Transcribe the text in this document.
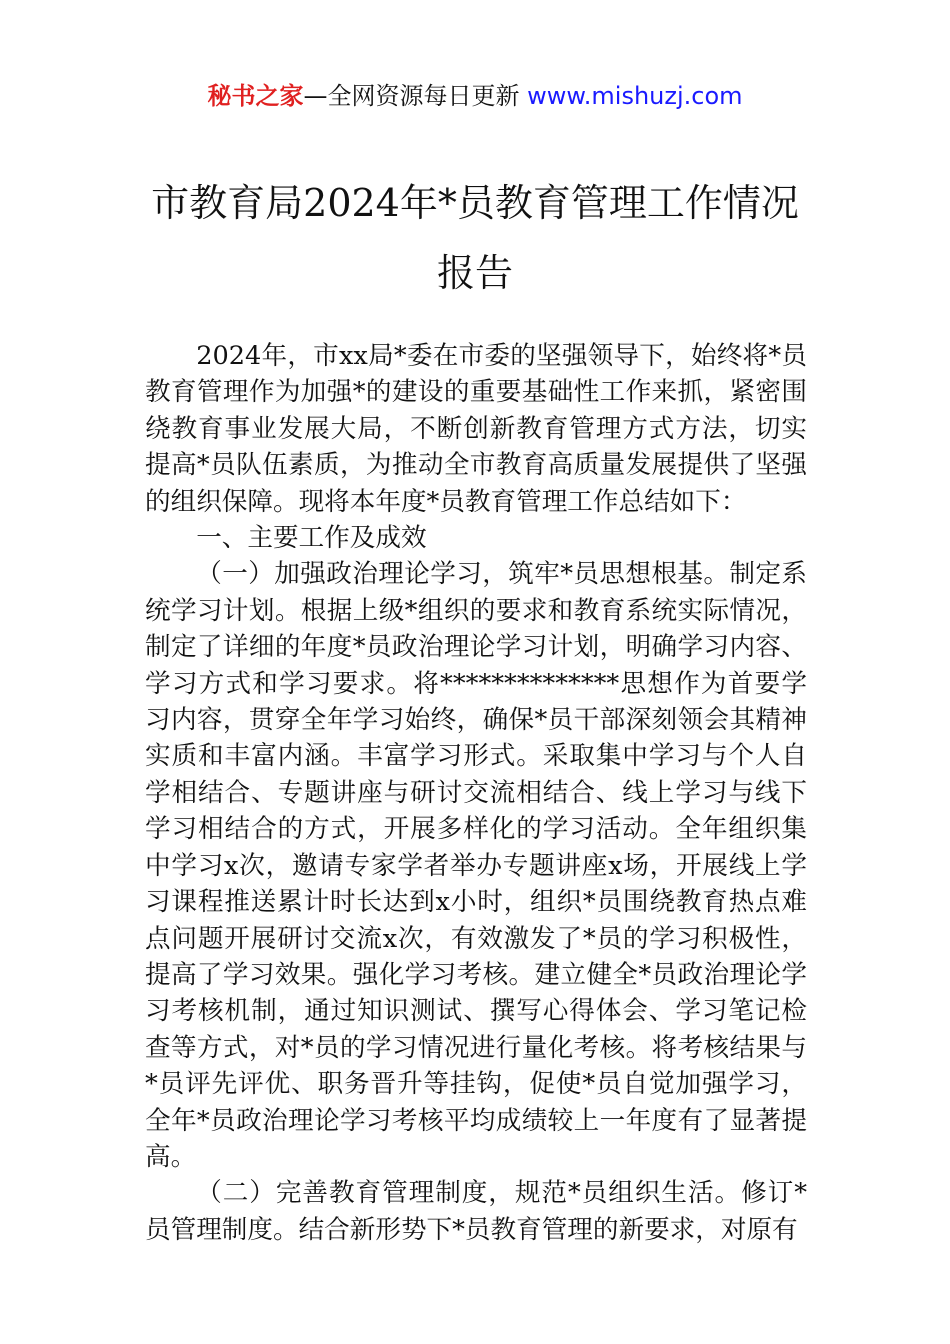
秘书之家—全网资源每日更新 www.mishuzj.com
市教育局2024年*员教育管理工作情况报告

2024年，市xx局*委在市委的坚强领导下，始终将*员教育管理作为加强*的建设的重要基础性工作来抓，紧密围绕教育事业发展大局，不断创新教育管理方式方法，切实提高*员队伍素质，为推动全市教育高质量发展提供了坚强的组织保障。现将本年度*员教育管理工作总结如下：

一、主要工作及成效

（一）加强政治理论学习，筑牢*员思想根基。制定系统学习计划。根据上级*组织的要求和教育系统实际情况，制定了详细的年度*员政治理论学习计划，明确学习内容、学习方式和学习要求。将**************思想作为首要学习内容，贯穿全年学习始终，确保*员干部深刻领会其精神实质和丰富内涵。丰富学习形式。采取集中学习与个人自学相结合、专题讲座与研讨交流相结合、线上学习与线下学习相结合的方式，开展多样化的学习活动。全年组织集中学习x次，邀请专家学者举办专题讲座x场，开展线上学习课程推送累计时长达到x小时，组织*员围绕教育热点难点问题开展研讨交流x次，有效激发了*员的学习积极性，提高了学习效果。强化学习考核。建立健全*员政治理论学习考核机制，通过知识测试、撰写心得体会、学习笔记检查等方式，对*员的学习情况进行量化考核。将考核结果与*员评先评优、职务晋升等挂钩，促使*员自觉加强学习，全年*员政治理论学习考核平均成绩较上一年度有了显著提高。

（二）完善教育管理制度，规范*员组织生活。修订*员管理制度。结合新形势下*员教育管理的新要求，对原有
